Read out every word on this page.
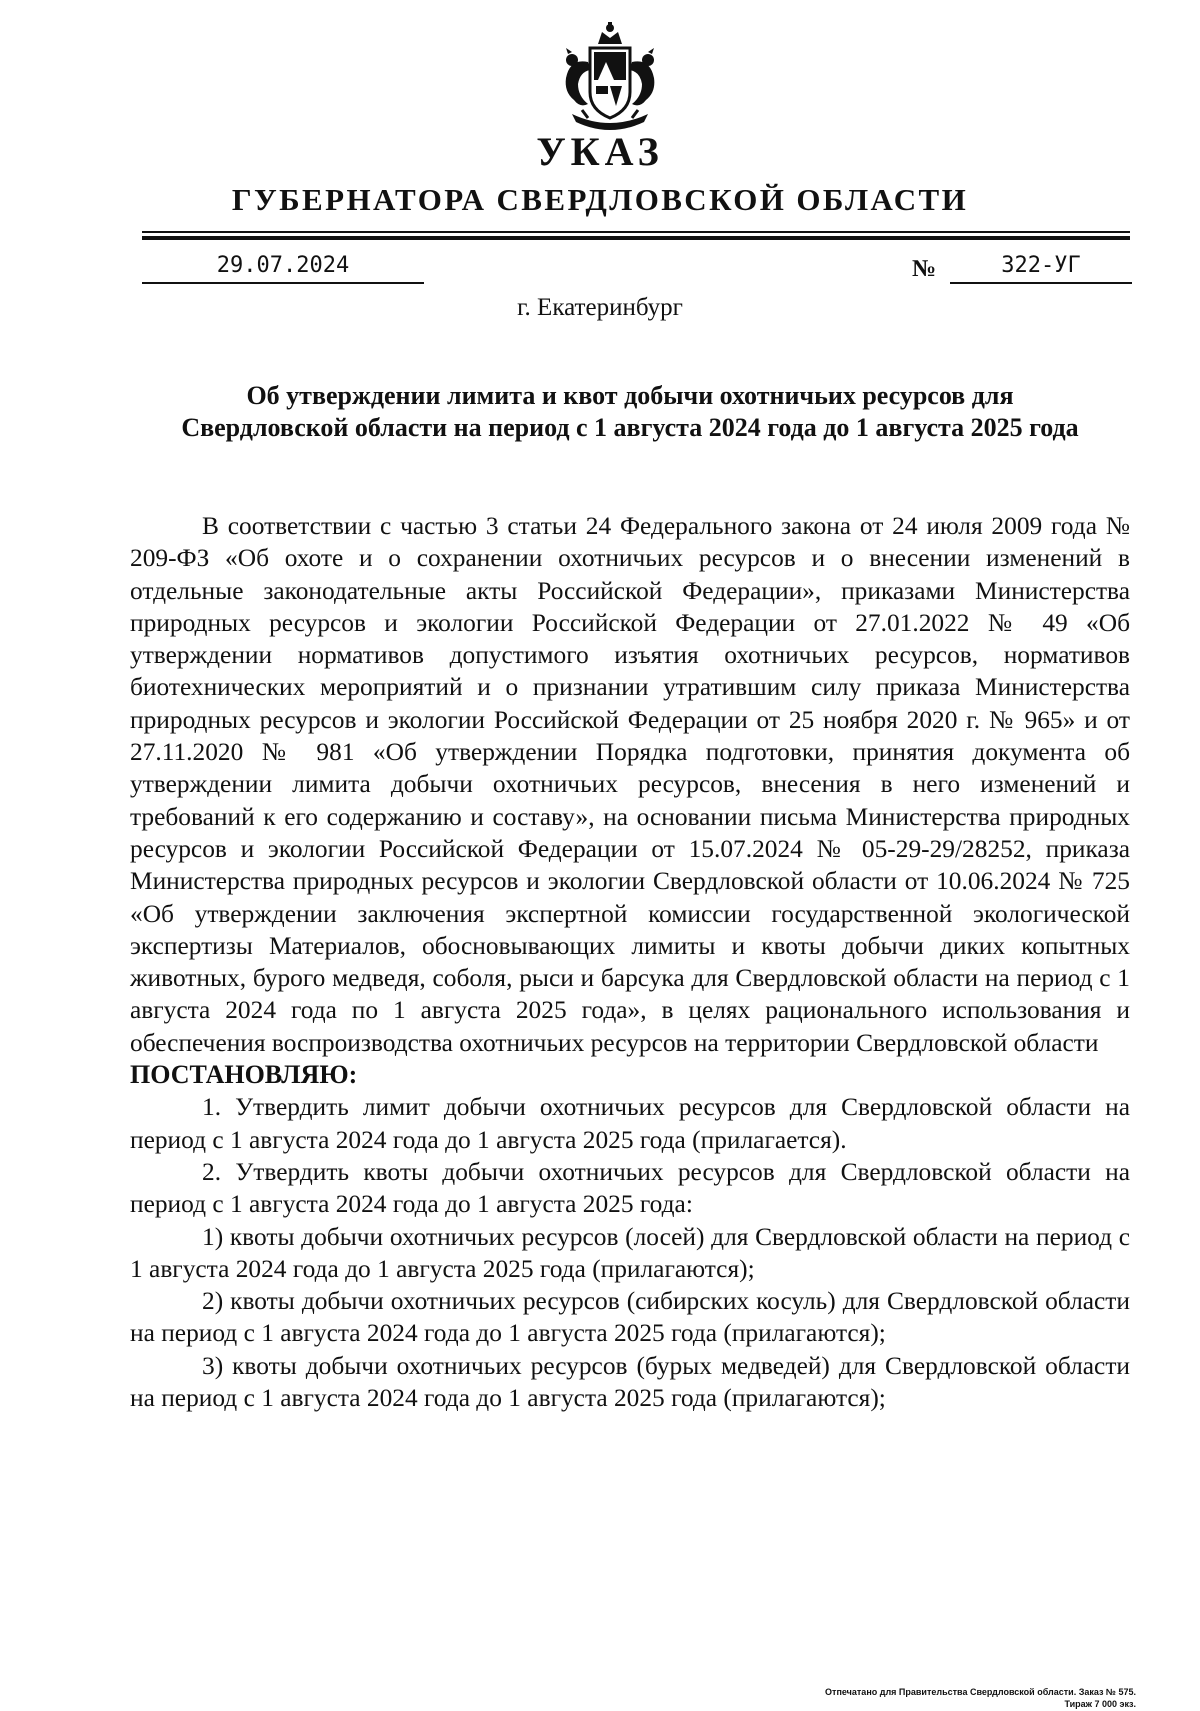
УКАЗ
ГУБЕРНАТОРА СВЕРДЛОВСКОЙ ОБЛАСТИ
29.07.2024	№	322-УГ
г. Екатеринбург
Об утверждении лимита и квот добычи охотничьих ресурсов для
Свердловской области на период с 1 августа 2024 года до 1 августа 2025 года

В соответствии с частью 3 статьи 24 Федерального закона от 24 июля 2009 года № 209-ФЗ «Об охоте и о сохранении охотничьих ресурсов и о внесении изменений в отдельные законодательные акты Российской Федерации», приказами Министерства природных ресурсов и экологии Российской Федерации от 27.01.2022 № 49 «Об утверждении нормативов допустимого изъятия охотничьих ресурсов, нормативов биотехнических мероприятий и о признании утратившим силу приказа Министерства природных ресурсов и экологии Российской Федерации от 25 ноября 2020 г. № 965» и от 27.11.2020 № 981 «Об утверждении Порядка подготовки, принятия документа об утверждении лимита добычи охотничьих ресурсов, внесения в него изменений и требований к его содержанию и составу», на основании письма Министерства природных ресурсов и экологии Российской Федерации от 15.07.2024 № 05-29-29/28252, приказа Министерства природных ресурсов и экологии Свердловской области от 10.06.2024 № 725 «Об утверждении заключения экспертной комиссии государственной экологической экспертизы Материалов, обосновывающих лимиты и квоты добычи диких копытных животных, бурого медведя, соболя, рыси и барсука для Свердловской области на период с 1 августа 2024 года по 1 августа 2025 года», в целях рационального использования и обеспечения воспроизводства охотничьих ресурсов на территории Свердловской области

ПОСТАНОВЛЯЮ:

1. Утвердить лимит добычи охотничьих ресурсов для Свердловской области на период с 1 августа 2024 года до 1 августа 2025 года (прилагается).

2. Утвердить квоты добычи охотничьих ресурсов для Свердловской области на период с 1 августа 2024 года до 1 августа 2025 года:

1) квоты добычи охотничьих ресурсов (лосей) для Свердловской области на период с 1 августа 2024 года до 1 августа 2025 года (прилагаются);

2) квоты добычи охотничьих ресурсов (сибирских косуль) для Свердловской области на период с 1 августа 2024 года до 1 августа 2025 года (прилагаются);

3) квоты добычи охотничьих ресурсов (бурых медведей) для Свердловской области на период с 1 августа 2024 года до 1 августа 2025 года (прилагаются);

Отпечатано для Правительства Свердловской области. Заказ № 575. Тираж 7 000 экз.
